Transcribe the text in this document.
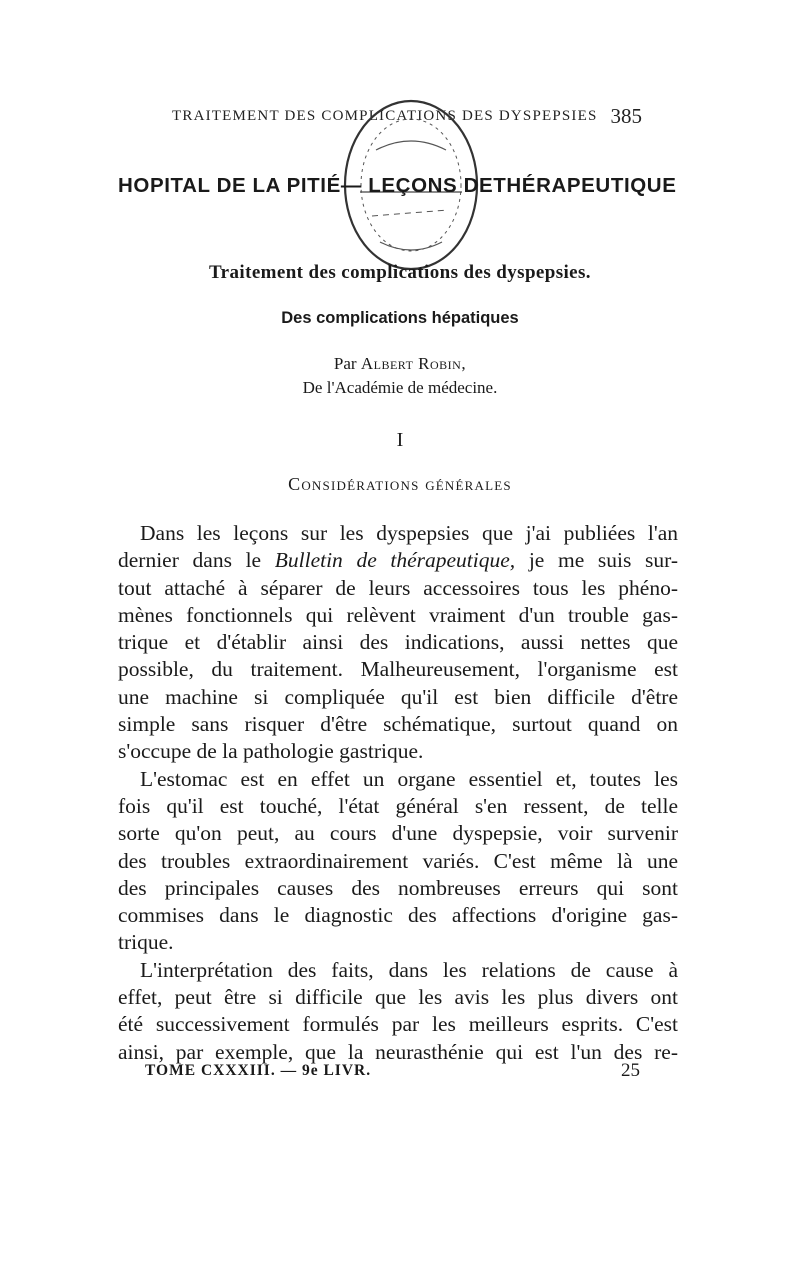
TRAITEMENT DES COMPLICATIONS DES DYSPEPSIES 385
HOPITAL DE LA PITIÉ — LEÇONS DE THÉRAPEUTIQUE
Traitement des complications des dyspepsies.
Des complications hépatiques
Par Albert Robin,
De l'Académie de médecine.
I
Considérations générales

Dans les leçons sur les dyspepsies que j'ai publiées l'an
dernier dans le Bulletin de thérapeutique, je me suis sur-
tout attaché à séparer de leurs accessoires tous les phéno-
mènes fonctionnels qui relèvent vraiment d'un trouble gas-
trique et d'établir ainsi des indications, aussi nettes que
possible, du traitement. Malheureusement, l'organisme est
une machine si compliquée qu'il est bien difficile d'être
simple sans risquer d'être schématique, surtout quand on
s'occupe de la pathologie gastrique.

L'estomac est en effet un organe essentiel et, toutes les
fois qu'il est touché, l'état général s'en ressent, de telle
sorte qu'on peut, au cours d'une dyspepsie, voir survenir
des troubles extraordinairement variés. C'est même là une
des principales causes des nombreuses erreurs qui sont
commises dans le diagnostic des affections d'origine gas-
trique.

L'interprétation des faits, dans les relations de cause à
effet, peut être si difficile que les avis les plus divers ont
été successivement formulés par les meilleurs esprits. C'est
ainsi, par exemple, que la neurasthénie qui est l'un des re-

TOME CXXXIII. — 9e LIVR.	25
